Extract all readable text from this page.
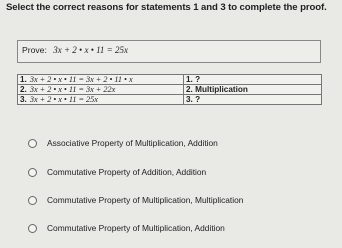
Select the correct reasons for statements 1 and 3 to complete the proof.
Prove: 3x + 2 • x • 11 = 25x
1. 3x + 2 • x • 11 = 3x + 2 • 11 • x	1. ?
2. 3x + 2 • x • 11 = 3x + 22x	2. Multiplication
3. 3x + 2 • x • 11 = 25x	3. ?
Associative Property of Multiplication, Addition
Commutative Property of Addition, Addition
Commutative Property of Multiplication, Multiplication
Commutative Property of Multiplication, Addition
